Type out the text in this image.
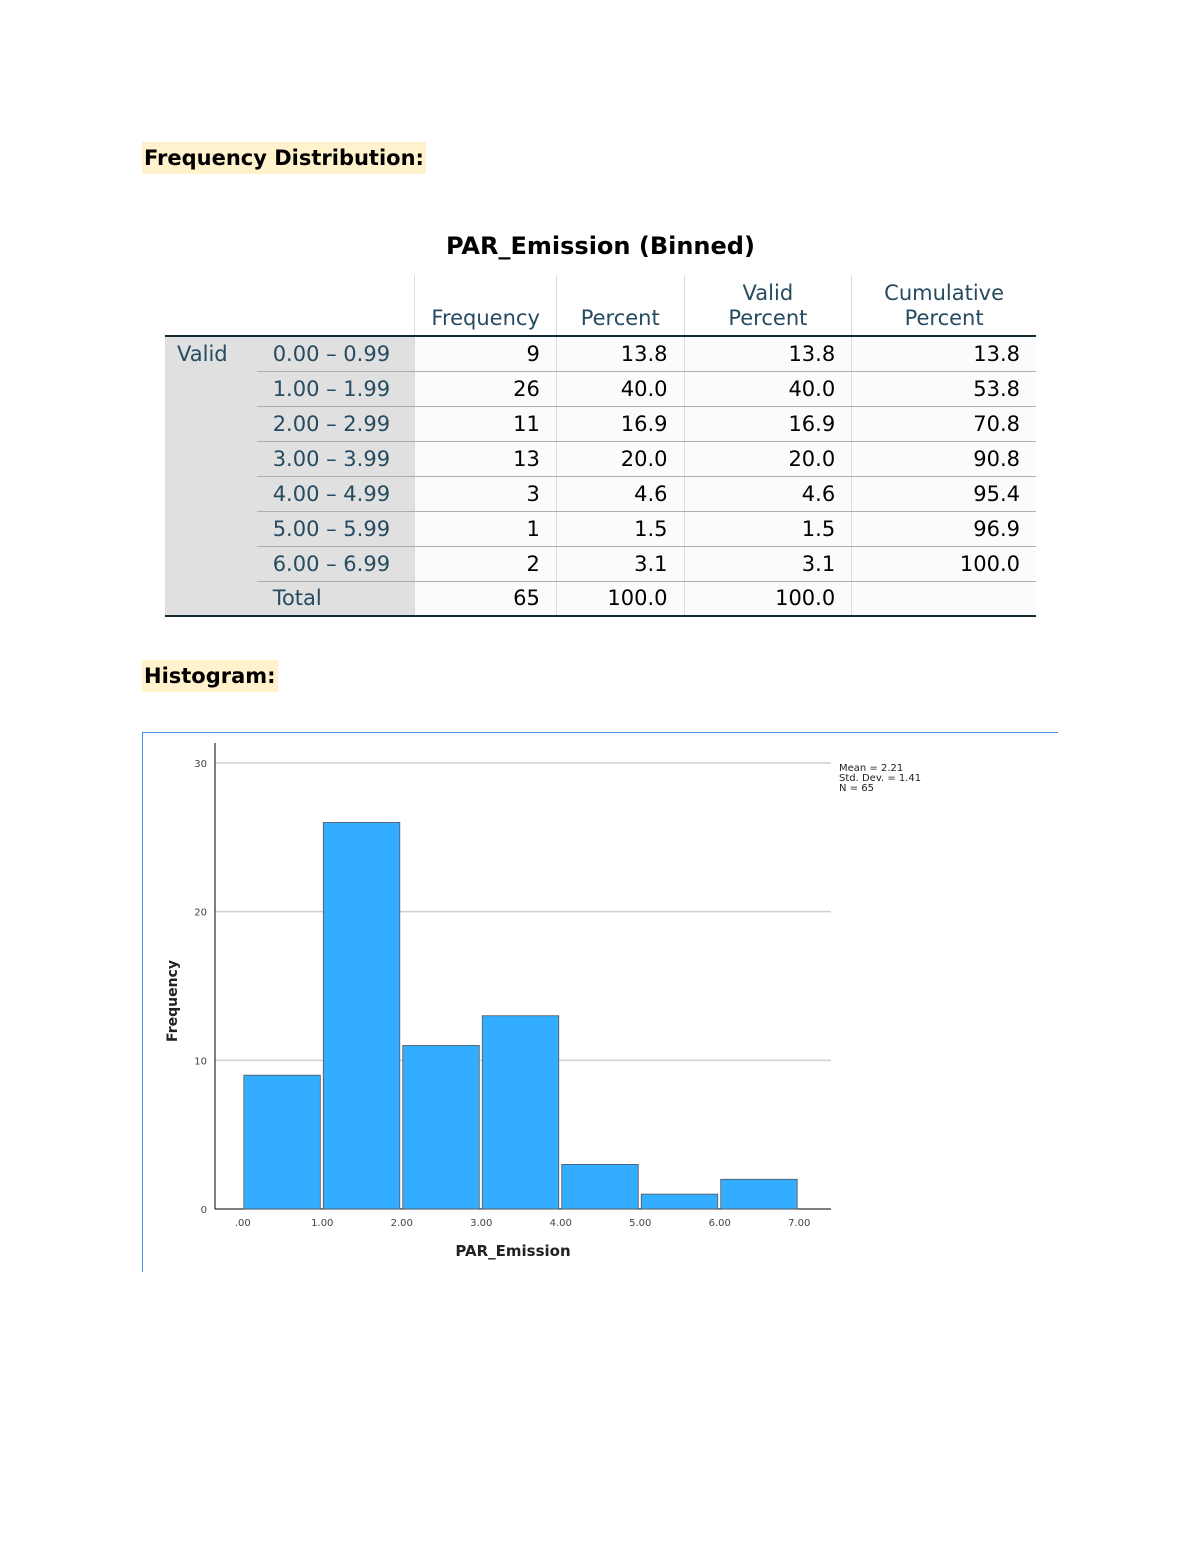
Frequency Distribution:
PAR_Emission (Binned)
		Frequency	Percent	Valid Percent	Cumulative Percent
Valid	0.00 – 0.99	9	13.8	13.8	13.8
	1.00 – 1.99	26	40.0	40.0	53.8
	2.00 – 2.99	11	16.9	16.9	70.8
	3.00 – 3.99	13	20.0	20.0	90.8
	4.00 – 4.99	3	4.6	4.6	95.4
	5.00 – 5.99	1	1.5	1.5	96.9
	6.00 – 6.99	2	3.1	3.1	100.0
	Total	65	100.0	100.0	
Histogram:
0
10
20
30
.00	1.00	2.00	3.00	4.00	5.00	6.00	7.00
PAR_Emission
Frequency
Mean = 2.21
Std. Dev. = 1.41
N = 65
